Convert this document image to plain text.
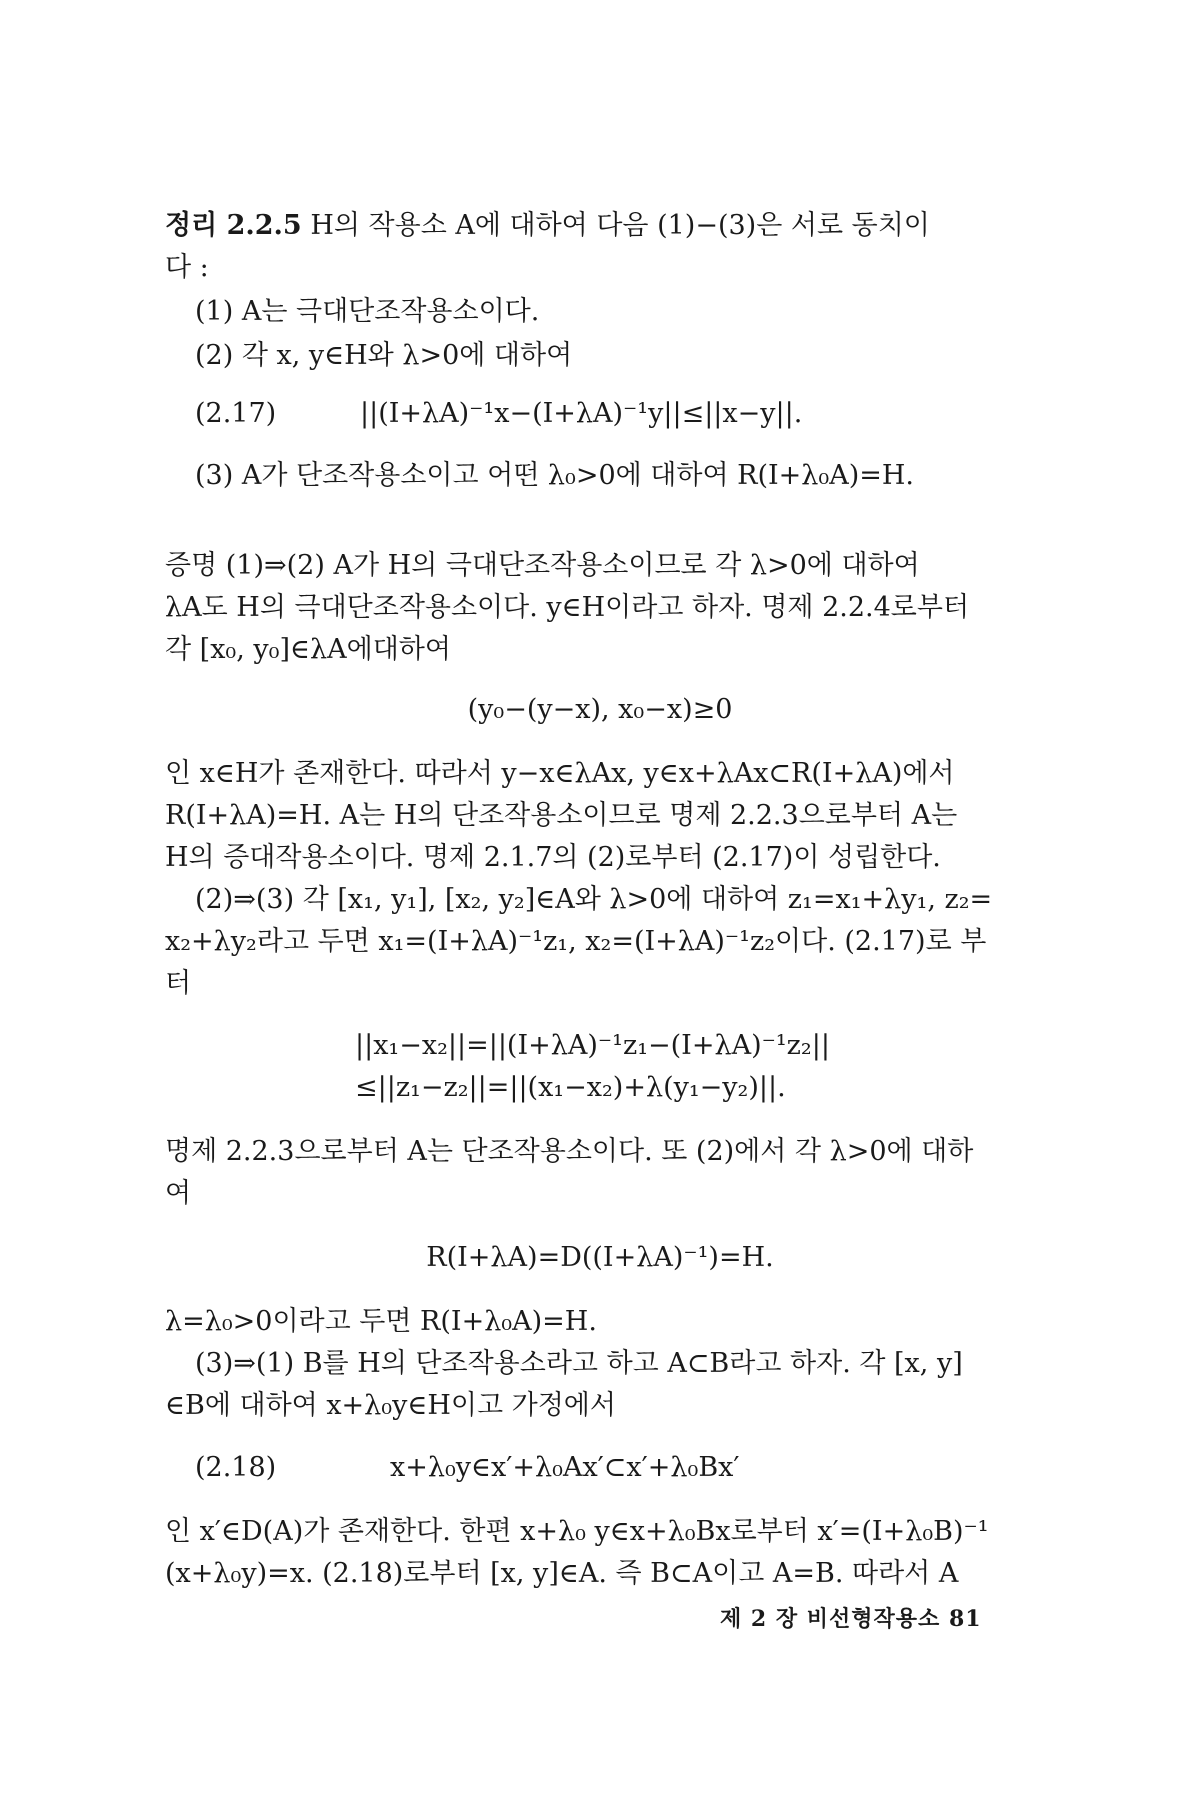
정리 2.2.5 H의 작용소 A에 대하여 다음 (1)−(3)은 서로 동치이
다 :
(1) A는 극대단조작용소이다.
(2) 각 x, y∈H와 λ>0에 대하여
(2.17)	||(I+λA)⁻¹x−(I+λA)⁻¹y||≤||x−y||.
(3) A가 단조작용소이고 어떤 λ₀>0에 대하여 R(I+λ₀A)=H.
증명 (1)⇒(2) A가 H의 극대단조작용소이므로 각 λ>0에 대하여
λA도 H의 극대단조작용소이다. y∈H이라고 하자. 명제 2.2.4로부터
각 [x₀, y₀]∈λA에대하여
(y₀−(y−x), x₀−x)≥0
인 x∈H가 존재한다. 따라서 y−x∈λAx, y∈x+λAx⊂R(I+λA)에서
R(I+λA)=H. A는 H의 단조작용소이므로 명제 2.2.3으로부터 A는
H의 증대작용소이다. 명제 2.1.7의 (2)로부터 (2.17)이 성립한다.
(2)⇒(3) 각 [x₁, y₁], [x₂, y₂]∈A와 λ>0에 대하여 z₁=x₁+λy₁, z₂=
x₂+λy₂라고 두면 x₁=(I+λA)⁻¹z₁, x₂=(I+λA)⁻¹z₂이다. (2.17)로 부
터
||x₁−x₂||=||(I+λA)⁻¹z₁−(I+λA)⁻¹z₂||
≤||z₁−z₂||=||(x₁−x₂)+λ(y₁−y₂)||.
명제 2.2.3으로부터 A는 단조작용소이다. 또 (2)에서 각 λ>0에 대하
여
R(I+λA)=D((I+λA)⁻¹)=H.
λ=λ₀>0이라고 두면 R(I+λ₀A)=H.
(3)⇒(1) B를 H의 단조작용소라고 하고 A⊂B라고 하자. 각 [x, y]
∈B에 대하여 x+λ₀y∈H이고 가정에서
(2.18)	x+λ₀y∈x′+λ₀Ax′⊂x′+λ₀Bx′
인 x′∈D(A)가 존재한다. 한편 x+λ₀ y∈x+λ₀Bx로부터 x′=(I+λ₀B)⁻¹
(x+λ₀y)=x. (2.18)로부터 [x, y]∈A. 즉 B⊂A이고 A=B. 따라서 A
제 2 장 비선형작용소 81
